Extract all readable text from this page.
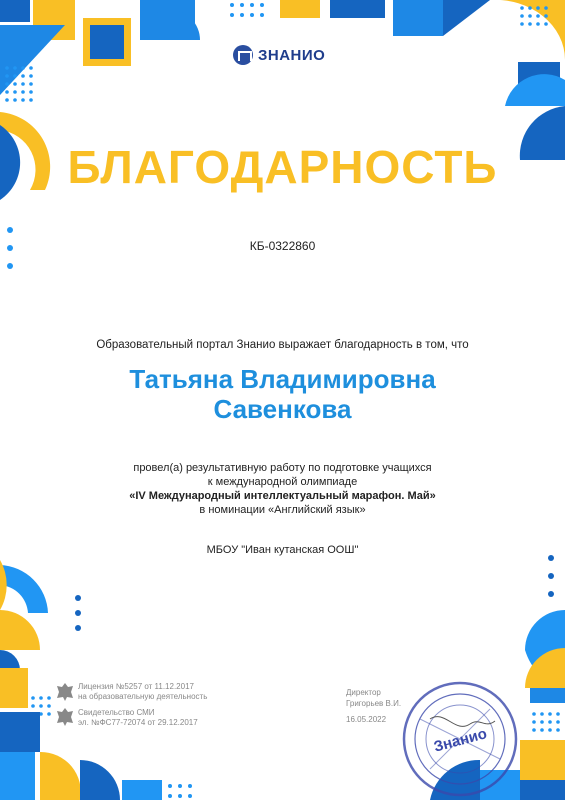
ЗНАНИО
БЛАГОДАРНОСТЬ
КБ-0322860
Образовательный портал Знанио выражает благодарность в том, что
Татьяна Владимировна
Савенкова
провел(а) результативную работу по подготовке учащихся
к международной олимпиаде
«IV Международный интеллектуальный марафон. Май»
в номинации «Английский язык»
МБОУ "Иван кутанская ООШ"
Лицензия №5257 от 11.12.2017
на образовательную деятельность
Свидетельство СМИ
эл. №ФС77-72074 от 29.12.2017
Директор
Григорьев В.И.
16.05.2022
Знанио
